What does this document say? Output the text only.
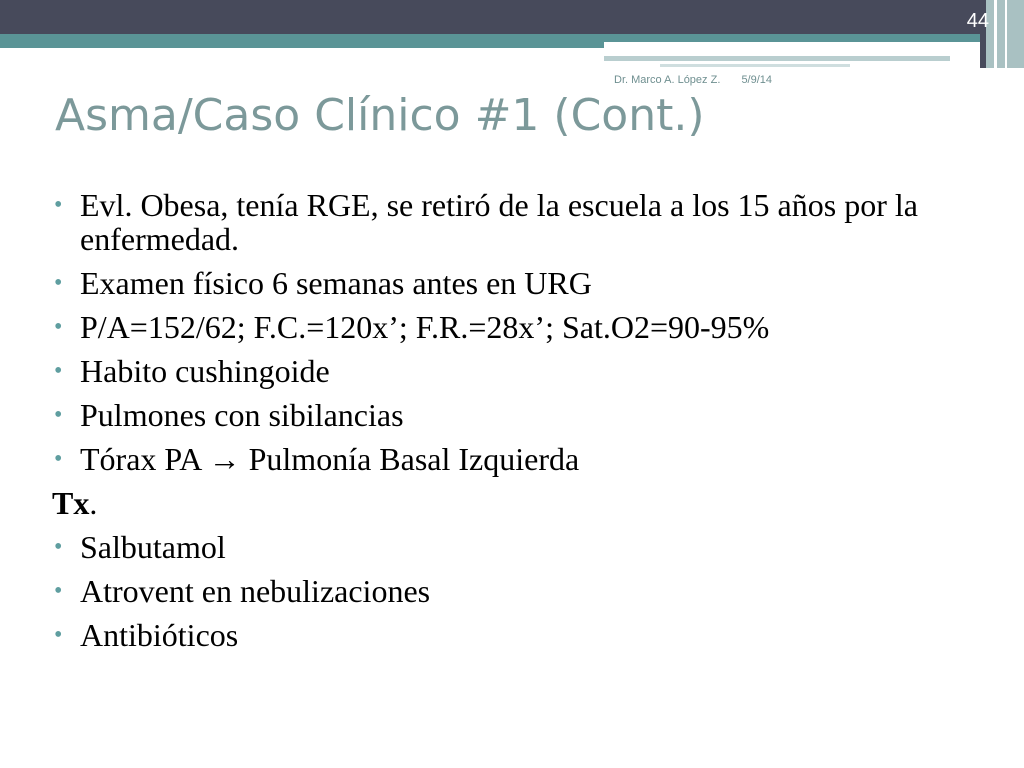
44

Dr. Marco A. López Z. 5/9/14

Asma/Caso Clínico #1 (Cont.)
• Evl. Obesa, tenía RGE, se retiró de la escuela a los 15 años por la enfermedad.
• Examen físico 6 semanas antes en URG
• P/A=152/62; F.C.=120x’; F.R.=28x’; Sat.O2=90-95%
• Habito cushingoide
• Pulmones con sibilancias
• Tórax PA → Pulmonía Basal Izquierda

Tx.

• Salbutamol
• Atrovent en nebulizaciones
• Antibióticos
